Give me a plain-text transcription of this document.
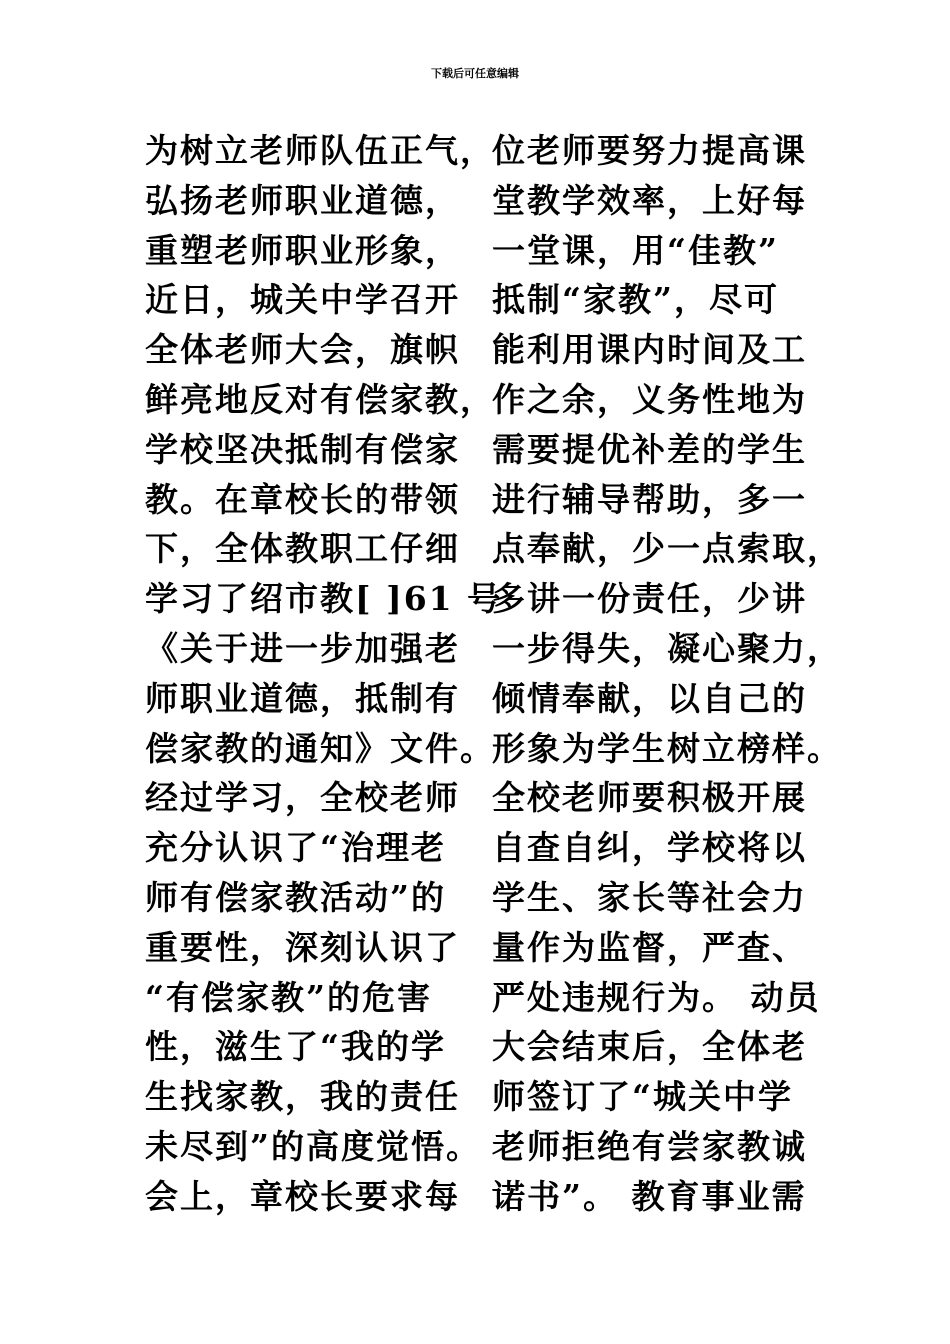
下载后可任意编辑
为树立老师队伍正气，
弘扬老师职业道德，
重塑老师职业形象，
近日，城关中学召开
全体老师大会，旗帜
鲜亮地反对有偿家教，
学校坚决抵制有偿家
教。在章校长的带领
下，全体教职工仔细
学习了绍市教[ ]61 号
《关于进一步加强老
师职业道德，抵制有
偿家教的通知》文件。
经过学习，全校老师
充分认识了“治理老
师有偿家教活动”的
重要性，深刻认识了
“有偿家教”的危害
性，滋生了“我的学
生找家教，我的责任
未尽到”的高度觉悟。
会上，章校长要求每
位老师要努力提高课
堂教学效率，上好每
一堂课，用“佳教”
抵制“家教”，尽可
能利用课内时间及工
作之余，义务性地为
需要提优补差的学生
进行辅导帮助，多一
点奉献，少一点索取，
多讲一份责任，少讲
一步得失，凝心聚力，
倾情奉献，以自己的
形象为学生树立榜样。
全校老师要积极开展
自查自纠，学校将以
学生、家长等社会力
量作为监督，严查、
严处违规行为。 动员
大会结束后，全体老
师签订了“城关中学
老师拒绝有尝家教诚
诺书”。 教育事业需
